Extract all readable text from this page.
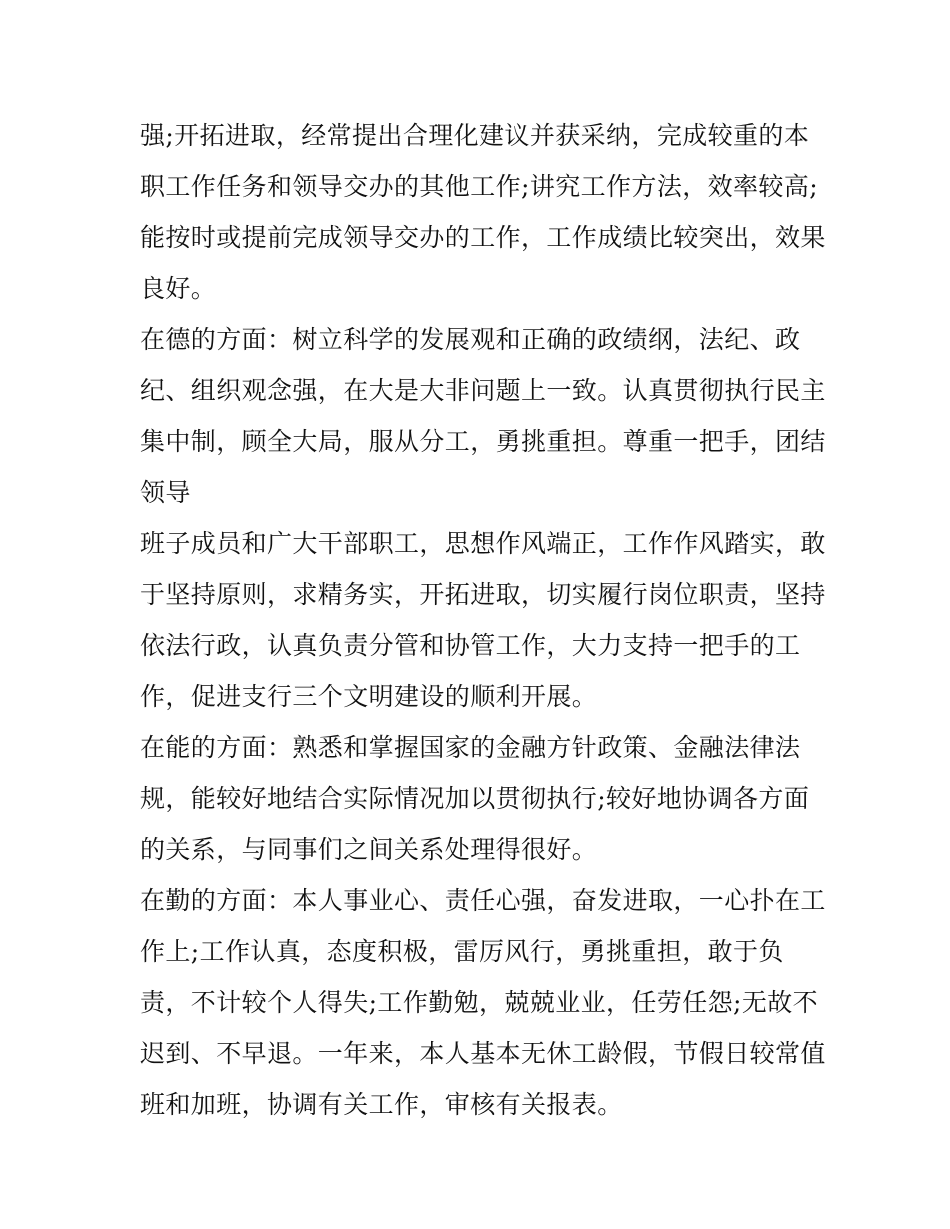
强;开拓进取，经常提出合理化建议并获采纳，完成较重的本
职工作任务和领导交办的其他工作;讲究工作方法，效率较高;
能按时或提前完成领导交办的工作，工作成绩比较突出，效果
良好。
在德的方面：树立科学的发展观和正确的政绩纲，法纪、政
纪、组织观念强，在大是大非问题上一致。认真贯彻执行民主
集中制，顾全大局，服从分工，勇挑重担。尊重一把手，团结
领导
班子成员和广大干部职工，思想作风端正，工作作风踏实，敢
于坚持原则，求精务实，开拓进取，切实履行岗位职责，坚持
依法行政，认真负责分管和协管工作，大力支持一把手的工
作，促进支行三个文明建设的顺利开展。
在能的方面：熟悉和掌握国家的金融方针政策、金融法律法
规，能较好地结合实际情况加以贯彻执行;较好地协调各方面
的关系，与同事们之间关系处理得很好。
在勤的方面：本人事业心、责任心强，奋发进取，一心扑在工
作上;工作认真，态度积极，雷厉风行，勇挑重担，敢于负
责，不计较个人得失;工作勤勉，兢兢业业，任劳任怨;无故不
迟到、不早退。一年来，本人基本无休工龄假，节假日较常值
班和加班，协调有关工作，审核有关报表。
